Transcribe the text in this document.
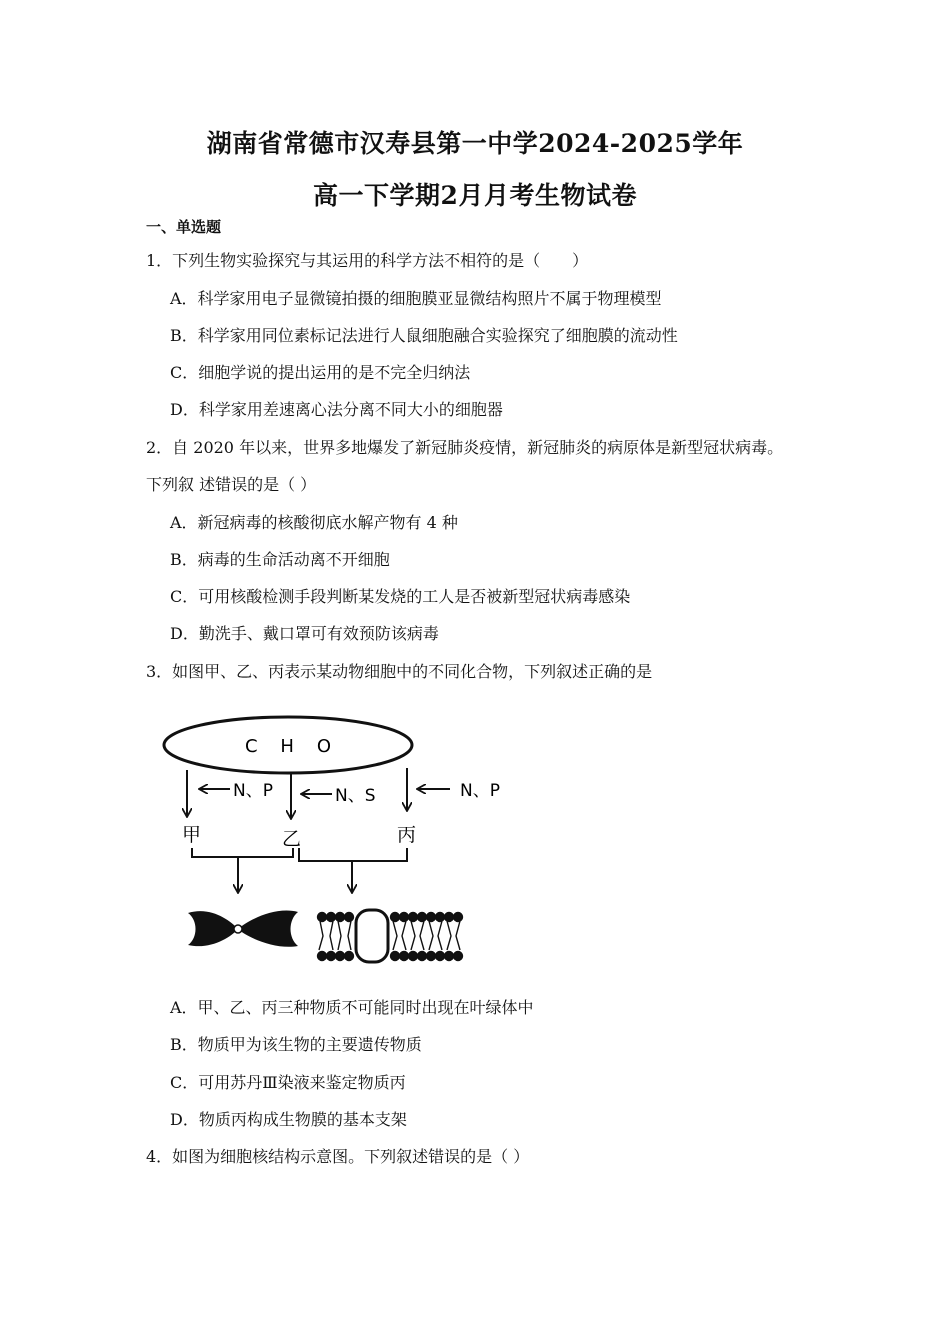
湖南省常德市汉寿县第一中学2024-2025学年
高一下学期2月月考生物试卷
一、单选题
1．下列生物实验探究与其运用的科学方法不相符的是（　　）
A．科学家用电子显微镜拍摄的细胞膜亚显微结构照片不属于物理模型
B．科学家用同位素标记法进行人鼠细胞融合实验探究了细胞膜的流动性
C．细胞学说的提出运用的是不完全归纳法
D．科学家用差速离心法分离不同大小的细胞器
2．自 2020 年以来，世界多地爆发了新冠肺炎疫情，新冠肺炎的病原体是新型冠状病毒。
下列叙 述错误的是（ ）
A．新冠病毒的核酸彻底水解产物有 4 种
B．病毒的生命活动离不开细胞
C．可用核酸检测手段判断某发烧的工人是否被新型冠状病毒感染
D．勤洗手、戴口罩可有效预防该病毒
3．如图甲、乙、丙表示某动物细胞中的不同化合物，下列叙述正确的是
C    H    O
N、P	N、S	N、P
甲	乙	丙
A．甲、乙、丙三种物质不可能同时出现在叶绿体中
B．物质甲为该生物的主要遗传物质
C．可用苏丹Ⅲ染液来鉴定物质丙
D．物质丙构成生物膜的基本支架
4．如图为细胞核结构示意图。下列叙述错误的是（ ）
